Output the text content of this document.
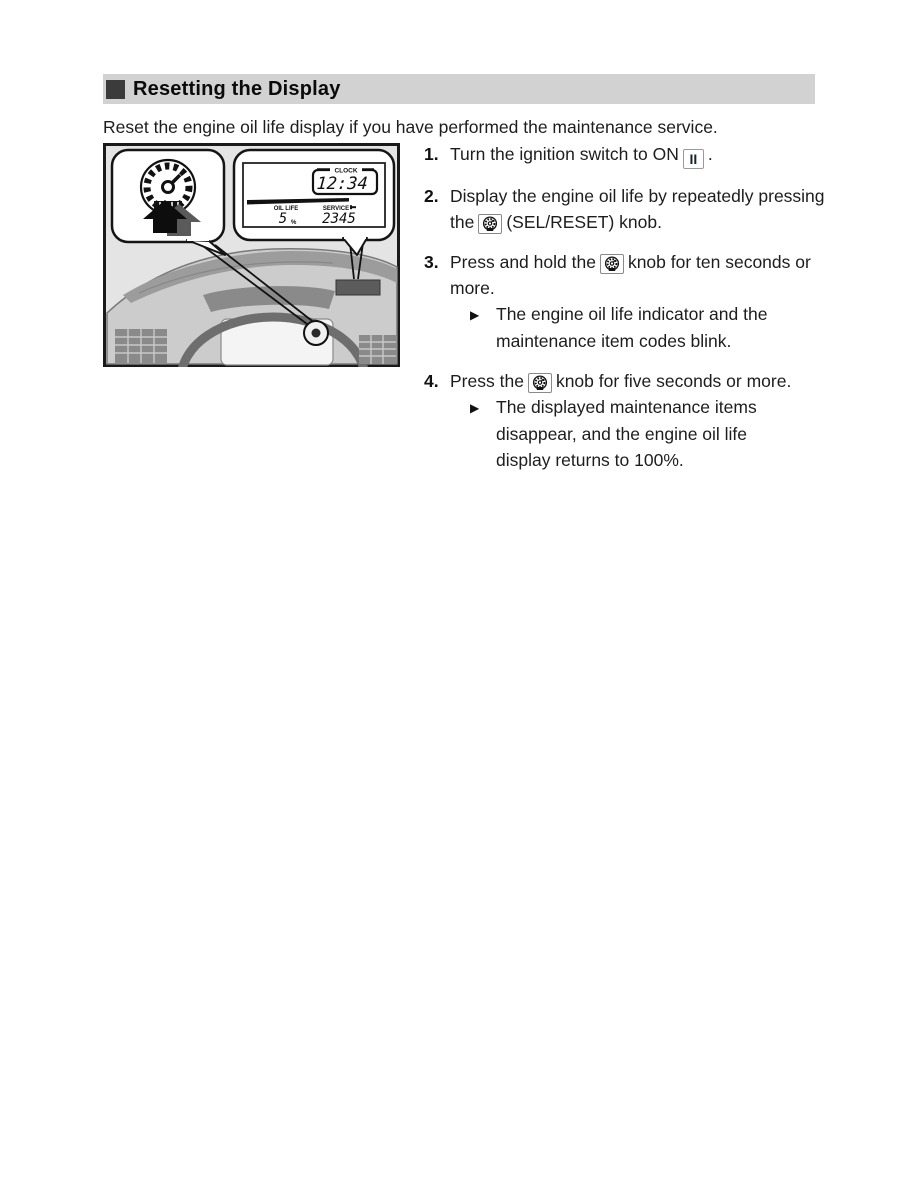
Resetting the Display
Reset the engine oil life display if you have performed the maintenance service.
CLOCK
12:34
OIL LIFE
5 %
SERVICE
2345
1. Turn the ignition switch to ON II .
2. Display the engine oil life by repeatedly pressing the (SEL/RESET) knob.
3. Press and hold the knob for ten seconds or more.
▶ The engine oil life indicator and the maintenance item codes blink.
4. Press the knob for five seconds or more.
▶ The displayed maintenance items disappear, and the engine oil life display returns to 100%.
